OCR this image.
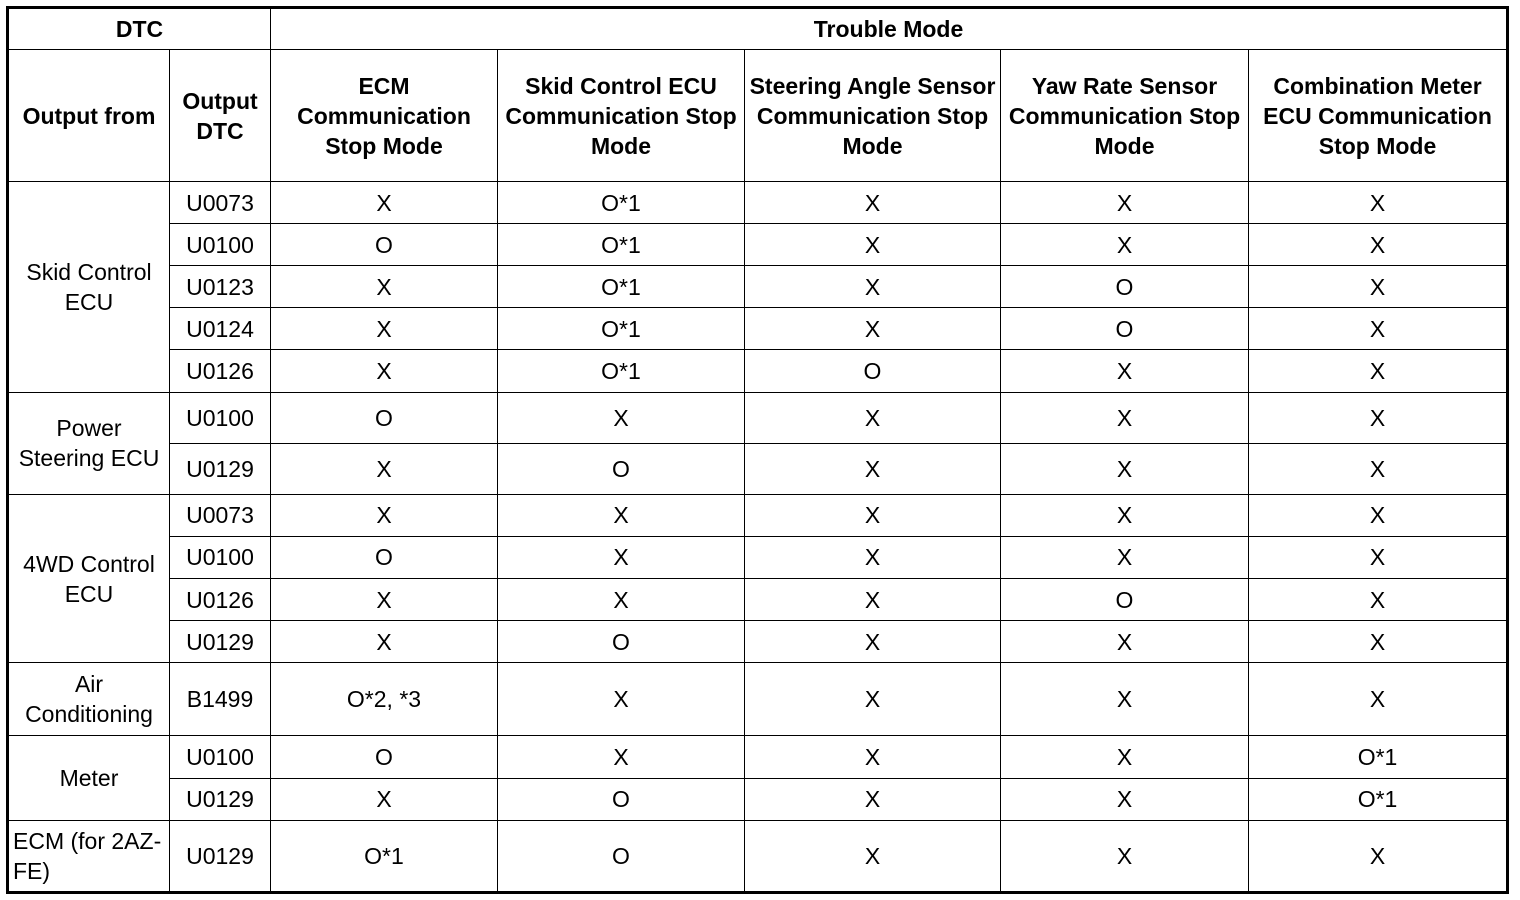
DTC		Trouble Mode				
Output from	Output DTC	ECM Communication Stop Mode	Skid Control ECU Communication Stop Mode	Steering Angle Sensor Communication Stop Mode	Yaw Rate Sensor Communication Stop Mode	Combination Meter ECU Communication Stop Mode
Skid Control ECU	U0073	X	O*1	X	X	X
	U0100	O	O*1	X	X	X
	U0123	X	O*1	X	O	X
	U0124	X	O*1	X	O	X
	U0126	X	O*1	O	X	X
Power Steering ECU	U0100	O	X	X	X	X
	U0129	X	O	X	X	X
4WD Control ECU	U0073	X	X	X	X	X
	U0100	O	X	X	X	X
	U0126	X	X	X	O	X
	U0129	X	O	X	X	X
Air Conditioning	B1499	O*2, *3	X	X	X	X
Meter	U0100	O	X	X	X	O*1
	U0129	X	O	X	X	O*1
ECM (for 2AZ-FE)	U0129	O*1	O	X	X	X
